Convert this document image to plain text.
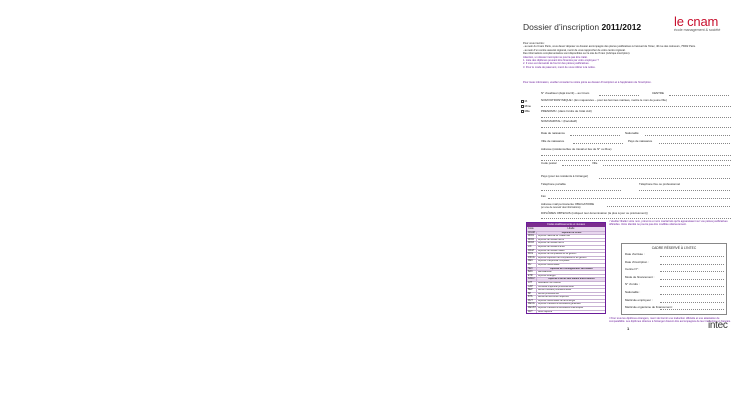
Dossier d’inscription 2011/2012	le cnam
école management & société
Pour vous inscrire :
- au sein du Cnam Paris, vous devez déposer ce dossier accompagné des pièces justificatives à l’accueil de l’Intec, 40 rue des Jeûneurs, 75002 Paris.
- au sein d’un centre associé régional, merci de vous rapprocher de votre centre régional.
Des informations complémentaires sont disponibles sur le site de l’Intec (rubrique inscription).
Attention, un dossier incomplet ne pourra pas être traité.
1. Liste des diplômes pouvant être financés par votre employeur ?
2. Il vous est demandé de fournir des pièces justificatives.
3. Pour le mode de paiement, merci de vous référer à la notice.
Pour toute information, veuillez consulter la notice jointe au dossier d’inscription et à l’application de l’inscription.
N° d’auditeur (déjà inscrit) – au Cnam	CENTRE
M.
Mme
Mlle
NOM PATRONYMIQUE ¹ (En majuscules – pour les femmes mariées, mettre le nom de jeune fille)
PRENOMS ¹ (dans l’ordre de l’état civil)
NOM MARITAL ¹ (Facultatif)
Date de naissance	Nationalité
Ville de naissance	Pays de naissance
Adresse (résidence/lieu de travail et lieu de N° ou Rue)
Code postal	Ville
Pays (pour les résidents à l’étranger)
Téléphone portable	Téléphone fixe ou professionnel
Fax
Adresse mail permanente OBLIGATOIRE
(en vue de recevoir des informations)
DIPLÔMES OBTENUS (indiquez leur dénomination (la plus à jour ou précisément))
Codes établissements et niveaux
Code	Libellé
CNAM	Diplôme du Cnam
DN01	Diplôme national de niveau bac
DN02	Diplôme de niveau bac+2
DN03	Diplôme de niveau bac+3
LIC	Diplôme de niveau licence
MAST	Diplôme de niveau master
DCG	Diplôme de comptabilité et de gestion
DSCG	Diplôme supérieur de comptabilité et de gestion
DEC	Diplôme d’expertise comptable
DU	Diplôme universitaire
SEC	Diplôme de l’enseignement secondaire
BAC	Baccalauréat
ETR	Diplôme étranger
DAEU	Diplôme d’accès aux études universitaires
ATT	Attestation de réussite
CAP	Certificat d’aptitude professionnelle
BEP	Brevet d’études professionnelles
BP	Brevet professionnel
BTS	Brevet de technicien supérieur
DUT	Diplôme universitaire de technologie
DEUG	Diplôme d’études universitaires générales
DEUST Diplôme d’études universitaires scientifiques
AUT	Autre diplôme
¹ Veuillez libeller votre nom, prénoms et nom marital tels qu’ils apparaissent sur vos pièces justificatives officielles. Votre identité ne pourra pas être modifiée ultérieurement.
CADRE RÉSERVÉ À L’INTEC
Date d’arrivée :
Date d’inscription :
Centre N° :
Mode de financement :
N° d’ordre :
Nationalité :
Matricule employeur :
Matricule organisme de financement :
² Pour tous les diplômes étrangers, merci de fournir une traduction officielle et une attestation de comparabilité. Les diplômes obtenus à l’étranger doivent être accompagnés de leur traduction en français.
1	intec
